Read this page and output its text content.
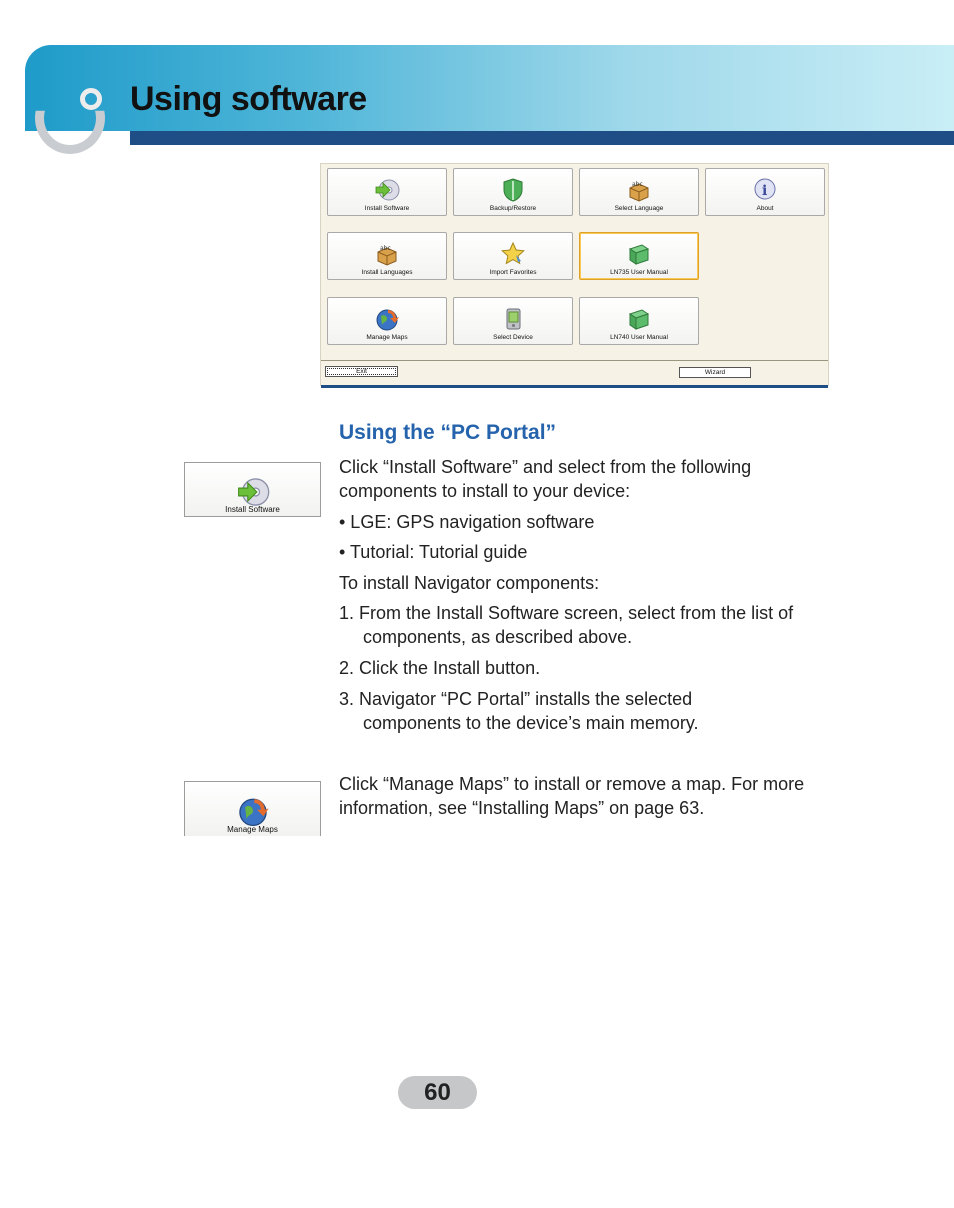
Using software
Install Software	Backup/Restore
abc
Select Language
i
About
abc
Install Languages	Import Favorites	LN735 User Manual
Manage Maps	Select Device	LN740 User Manual
Exit	Wizard
Using the “PC Portal”
Install Software

Click “Install Software” and select from the following components to install to your device:

• LGE: GPS navigation software

• Tutorial: Tutorial guide

To install Navigator components:

1. From the Install Software screen, select from the list of components, as described above.

2. Click the Install button.

3. Navigator “PC Portal” installs the selected components to the device’s main memory.

Manage Maps

Click “Manage Maps” to install or remove a map. For more information, see “Installing Maps” on page 63.

60
